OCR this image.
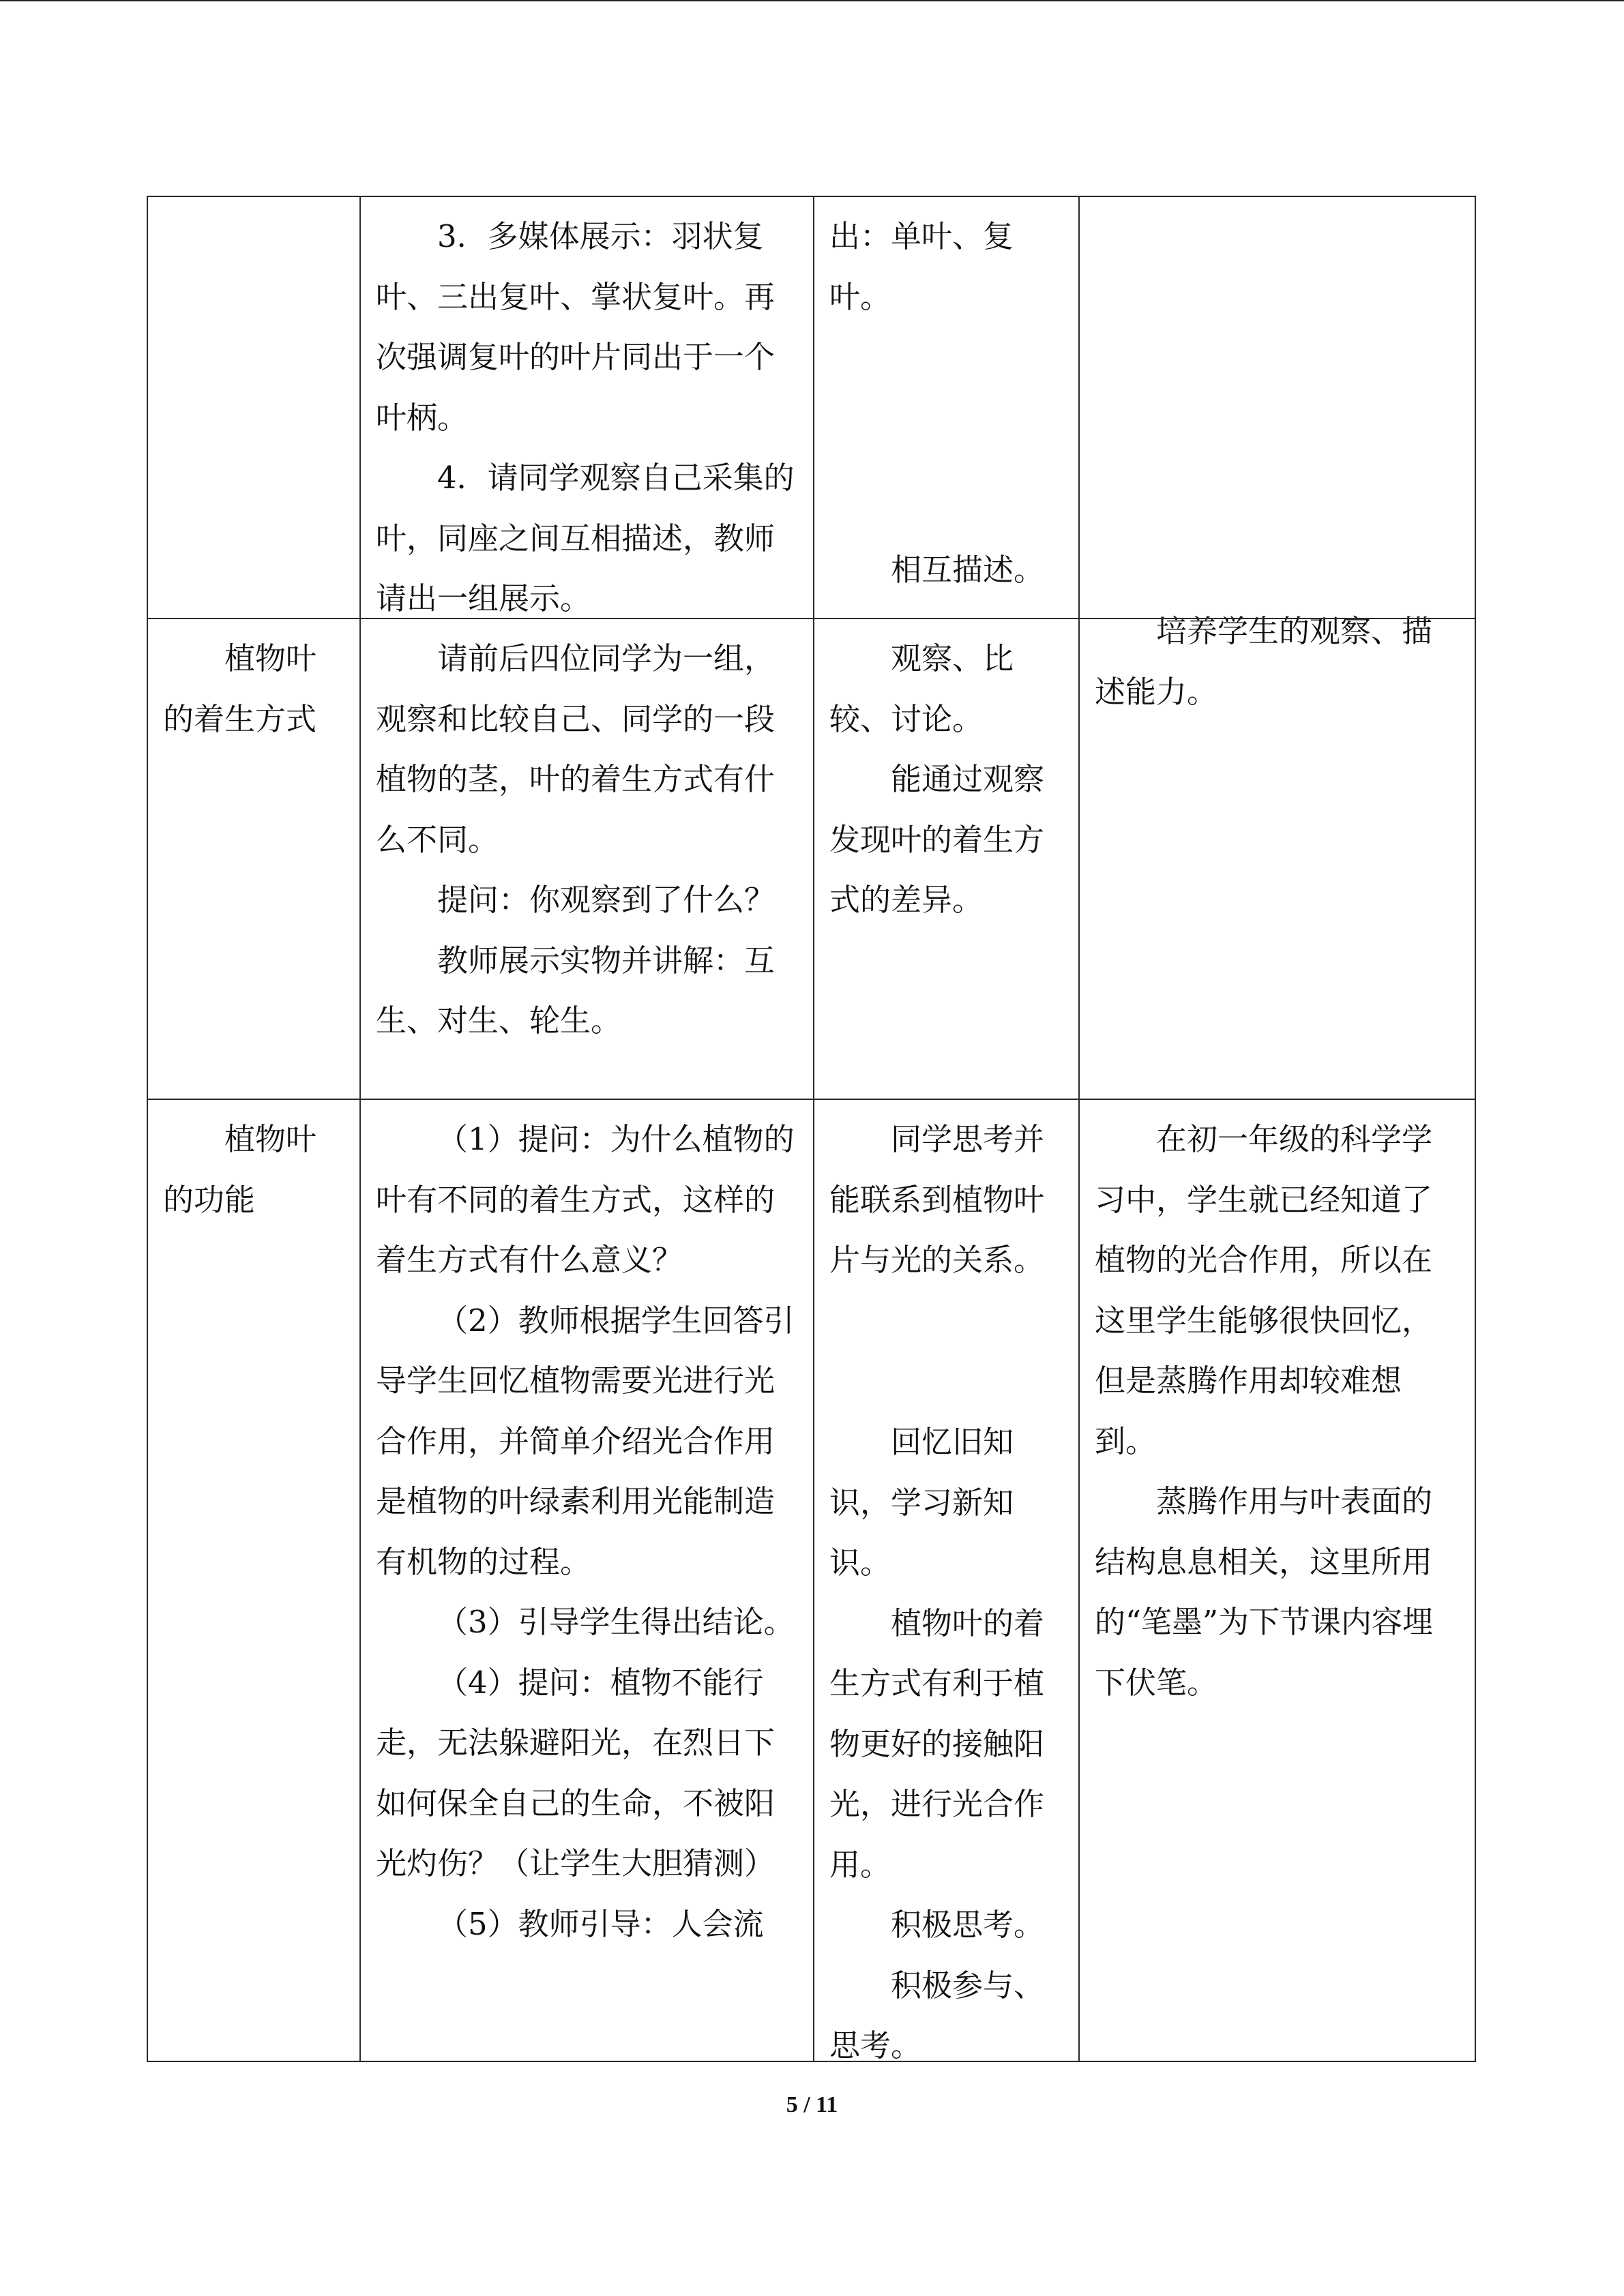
3．多媒体展示：羽状复叶、三出复叶、掌状复叶。再次强调复叶的叶片同出于一个叶柄。

4．请同学观察自己采集的叶，同座之间互相描述，教师请出一组展示。

出：单叶、复叶。

相互描述。

培养学生的观察、描述能力。

植物叶的着生方式

请前后四位同学为一组，观察和比较自己、同学的一段植物的茎，叶的着生方式有什么不同。

提问：你观察到了什么？

教师展示实物并讲解：互生、对生、轮生。

观察、比较、讨论。

能通过观察发现叶的着生方式的差异。

植物叶的功能

（1）提问：为什么植物的叶有不同的着生方式，这样的着生方式有什么意义？

（2）教师根据学生回答引导学生回忆植物需要光进行光合作用，并简单介绍光合作用是植物的叶绿素利用光能制造有机物的过程。

（3）引导学生得出结论。

（4）提问：植物不能行走，无法躲避阳光，在烈日下如何保全自己的生命，不被阳光灼伤？（让学生大胆猜测）

（5）教师引导：人会流

同学思考并能联系到植物叶片与光的关系。

回忆旧知识，学习新知识。

植物叶的着生方式有利于植物更好的接触阳光，进行光合作用。

积极思考。

积极参与、思考。

在初一年级的科学学习中，学生就已经知道了植物的光合作用，所以在这里学生能够很快回忆，但是蒸腾作用却较难想到。

蒸腾作用与叶表面的结构息息相关，这里所用的“笔墨”为下节课内容埋下伏笔。

5 / 11
